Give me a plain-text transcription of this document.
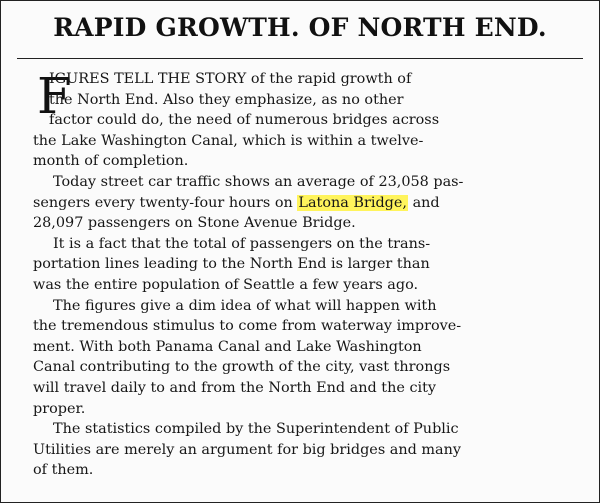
RAPID GROWTH. OF NORTH END.
F
IGURES TELL THE STORY of the rapid growth of
the North End. Also they emphasize, as no other
factor could do, the need of numerous bridges across
the Lake Washington Canal, which is within a twelve-
month of completion.
Today street car traffic shows an average of 23,058 pas-
sengers every twenty-four hours on Latona Bridge, and
28,097 passengers on Stone Avenue Bridge.
It is a fact that the total of passengers on the trans-
portation lines leading to the North End is larger than
was the entire population of Seattle a few years ago.
The figures give a dim idea of what will happen with
the tremendous stimulus to come from waterway improve-
ment. With both Panama Canal and Lake Washington
Canal contributing to the growth of the city, vast throngs
will travel daily to and from the North End and the city
proper.
The statistics compiled by the Superintendent of Public
Utilities are merely an argument for big bridges and many
of them.
